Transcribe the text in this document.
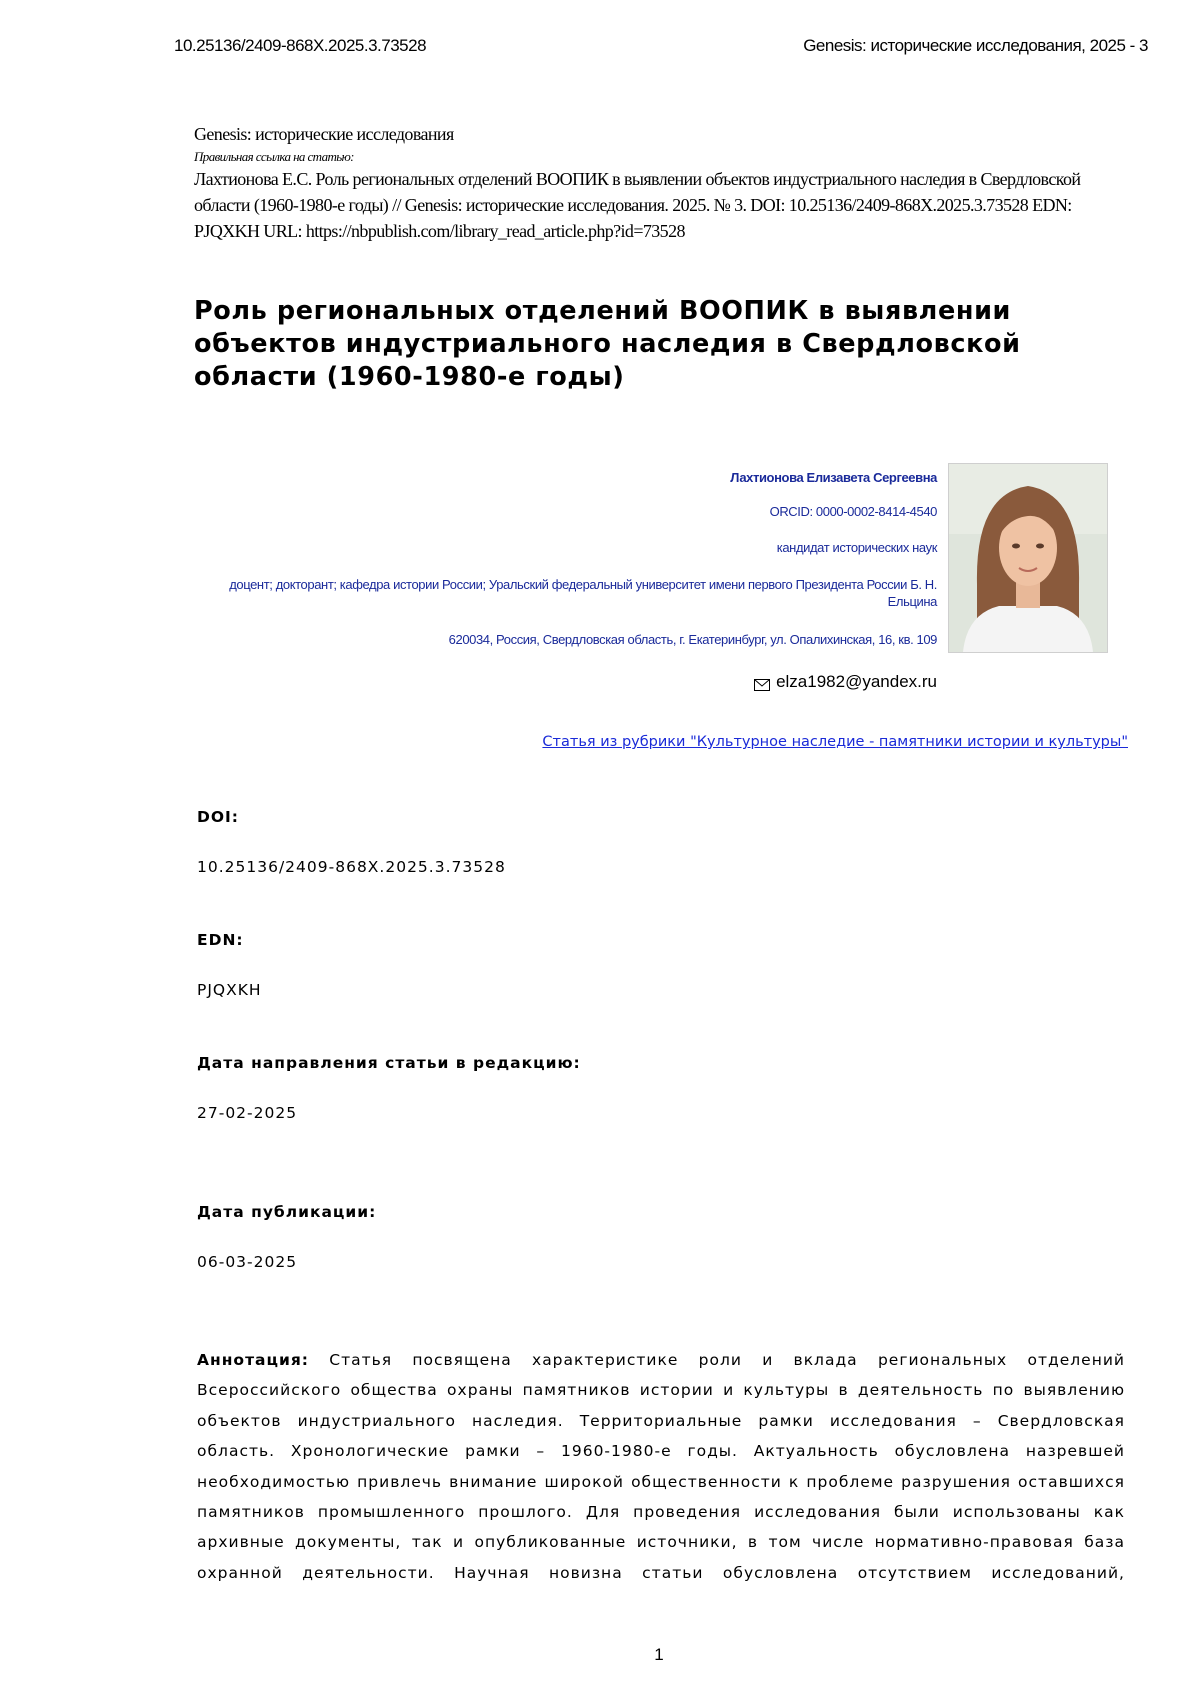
10.25136/2409-868X.2025.3.73528	Genesis: исторические исследования, 2025 - 3
Genesis: исторические исследования
Правильная ссылка на статью:
Лахтионова Е.С. Роль региональных отделений ВООПИК в выявлении объектов индустриального наследия в Свердловской области (1960-1980-е годы) // Genesis: исторические исследования. 2025. № 3. DOI: 10.25136/2409-868X.2025.3.73528 EDN: PJQXKH URL: https://nbpublish.com/library_read_article.php?id=73528
Роль региональных отделений ВООПИК в выявлении объектов индустриального наследия в Свердловской области (1960-1980-е годы)
Лахтионова Елизавета Сергеевна
ORCID: 0000-0002-8414-4540
кандидат исторических наук
доцент; докторант; кафедра истории России; Уральский федеральный университет имени первого Президента России Б. Н. Ельцина
620034, Россия, Свердловская область, г. Екатеринбург, ул. Опалихинская, 16, кв. 109
elza1982@yandex.ru
Статья из рубрики "Культурное наследие - памятники истории и культуры"
DOI:
10.25136/2409-868X.2025.3.73528
EDN:
PJQXKH
Дата направления статьи в редакцию:
27-02-2025
Дата публикации:
06-03-2025

Аннотация: Статья посвящена характеристике роли и вклада региональных отделений Всероссийского общества охраны памятников истории и культуры в деятельность по выявлению объектов индустриального наследия. Территориальные рамки исследования – Свердловская область. Хронологические рамки – 1960-1980-е годы. Актуальность обусловлена назревшей необходимостью привлечь внимание широкой общественности к проблеме разрушения оставшихся памятников промышленного прошлого. Для проведения исследования были использованы как архивные документы, так и опубликованные источники, в том числе нормативно-правовая база охранной деятельности. Научная новизна статьи обусловлена отсутствием исследований,

1
